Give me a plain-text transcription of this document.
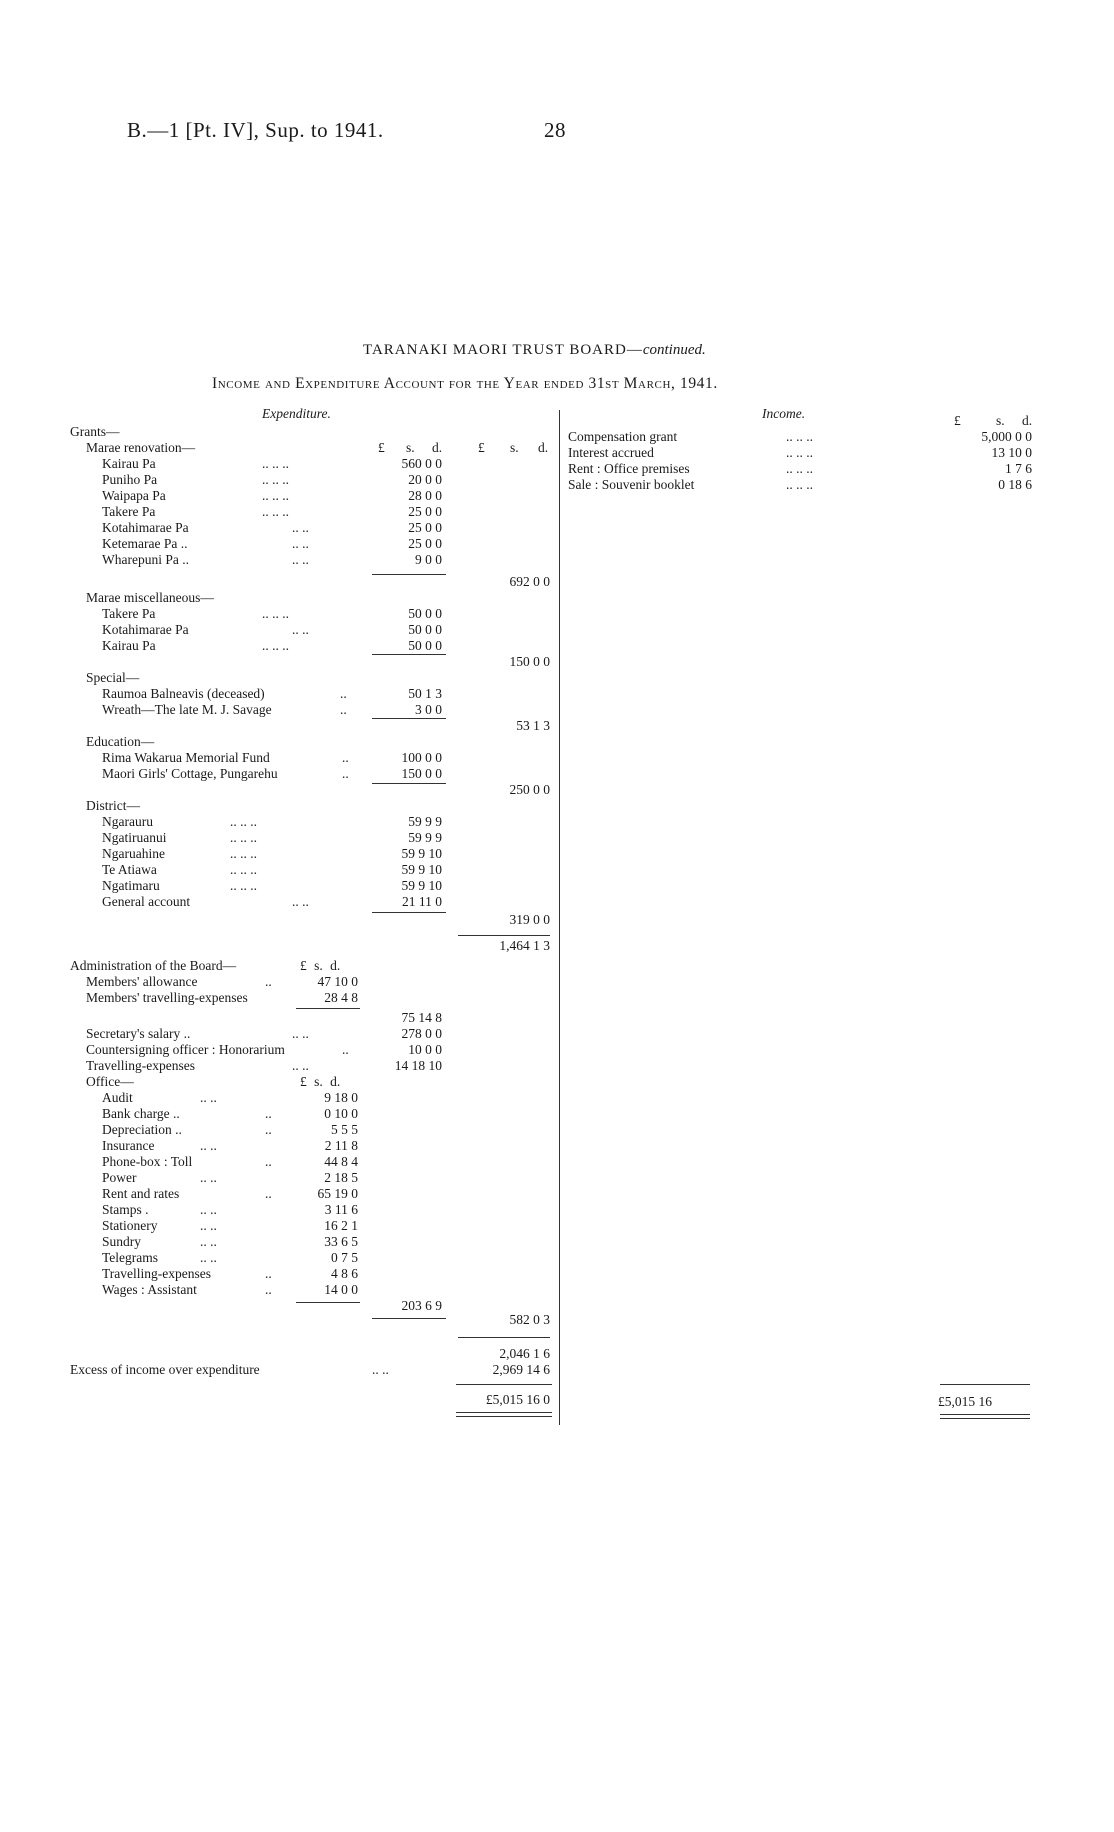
B.—1 [Pt. IV], Sup. to 1941.	28
TARANAKI MAORI TRUST BOARD—continued.
Income and Expenditure Account for the Year ended 31st March, 1941.
Expenditure.
Grants—
Marae renovation—	£ s. d.	£ s. d.
Kairau Pa	.. .. ..	560 0 0
Puniho Pa	.. .. ..	20 0 0
Waipapa Pa	.. .. ..	28 0 0
Takere Pa	.. .. ..	25 0 0
Kotahimarae Pa	.. ..	25 0 0
Ketemarae Pa ..	.. ..	25 0 0
Wharepuni Pa ..	.. ..	9 0 0
692 0 0
Marae miscellaneous—
Takere Pa	.. .. ..	50 0 0
Kotahimarae Pa	.. ..	50 0 0
Kairau Pa	.. .. ..	50 0 0
150 0 0
Special—
Raumoa Balneavis (deceased)	..	50 1 3
Wreath—The late M. J. Savage	..	3 0 0
53 1 3
Education—
Rima Wakarua Memorial Fund	..	100 0 0
Maori Girls' Cottage, Pungarehu	..	150 0 0
250 0 0
District—
Ngarauru	.. .. ..	59 9 9
Ngatiruanui	.. .. ..	59 9 9
Ngaruahine	.. .. ..	59 9 10
Te Atiawa	.. .. ..	59 9 10
Ngatimaru	.. .. ..	59 9 10
General account	.. ..	21 11 0
319 0 0
1,464 1 3
Administration of the Board—	£ s. d.
Members' allowance	..	47 10 0
Members' travelling-expenses	28 4 8
75 14 8
Secretary's salary ..	.. ..	278 0 0
Countersigning officer : Honorarium	..	10 0 0
Travelling-expenses	.. ..	14 18 10
Office—	£ s. d.
Audit	.. ..	9 18 0
Bank charge ..	..	0 10 0
Depreciation ..	..	5 5 5
Insurance	.. ..	2 11 8
Phone-box : Toll	..	44 8 4
Power	.. ..	2 18 5
Rent and rates	..	65 19 0
Stamps .	.. ..	3 11 6
Stationery	.. ..	16 2 1
Sundry	.. ..	33 6 5
Telegrams	.. ..	0 7 5
Travelling-expenses	..	4 8 6
Wages : Assistant	..	14 0 0
203 6 9
582 0 3
2,046 1 6
Excess of income over expenditure	.. ..	2,969 14 6
£5,015 16 0
Income.	£	s. d.
Compensation grant	.. .. ..	5,000 0 0
Interest accrued	.. .. ..	13 10 0
Rent : Office premises	.. .. ..	1 7 6
Sale : Souvenir booklet	.. .. ..	0 18 6
£5,015 16
